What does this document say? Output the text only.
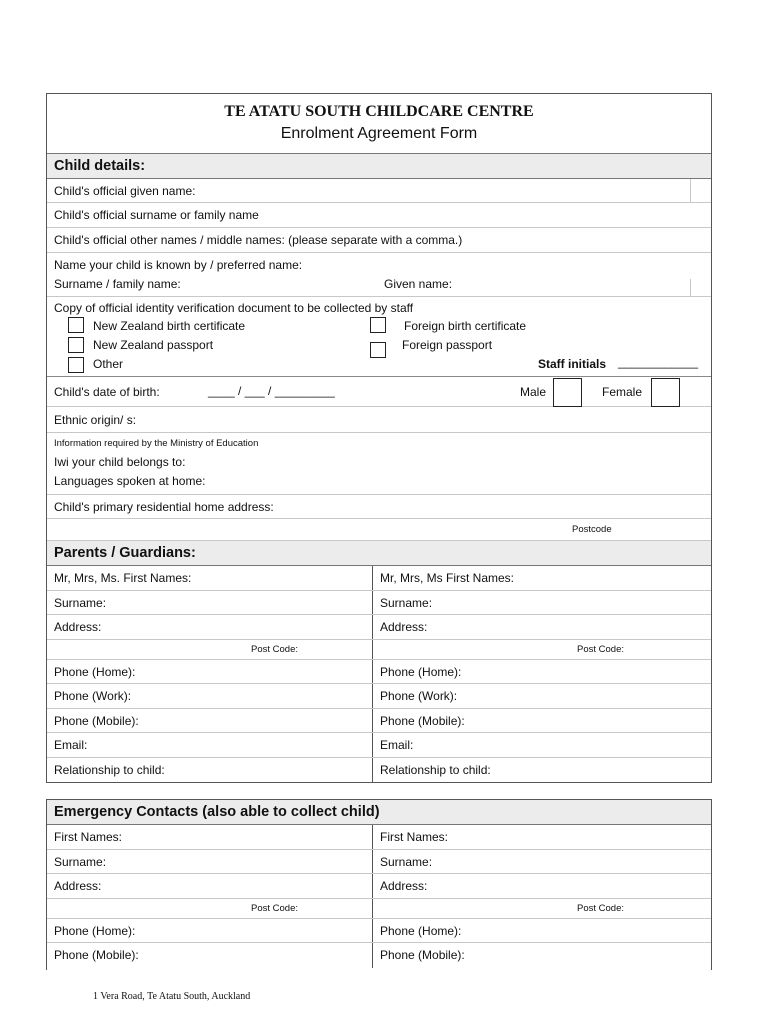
TE ATATU SOUTH CHILDCARE CENTRE
Enrolment Agreement Form
Child details:
Child's official given name:
Child's official surname or family name
Child's official other names / middle names: (please separate with a comma.)
Name your child is known by / preferred name:
Surname / family name:	Given name:
Copy of official identity verification document to be collected by staff
New Zealand birth certificate	Foreign birth certificate
New Zealand passport	Foreign passport
Other	Staff initials ____________
Child's date of birth:	____ / ___ / _________	Male	Female
Ethnic origin/ s:
Information required by the Ministry of Education
Iwi your child belongs to:
Languages spoken at home:
Child's primary residential home address:
Postcode
Parents / Guardians:
Mr, Mrs, Ms. First Names:	Mr, Mrs, Ms First Names:
Surname:	Surname:
Address:	Address:
Post Code:	Post Code:
Phone (Home):	Phone (Home):
Phone (Work):	Phone (Work):
Phone (Mobile):	Phone (Mobile):
Email:	Email:
Relationship to child:	Relationship to child:
Emergency Contacts (also able to collect child)
First Names:	First Names:
Surname:	Surname:
Address:	Address:
Post Code:	Post Code:
Phone (Home):	Phone (Home):
Phone (Mobile):	Phone (Mobile):
1 Vera Road, Te Atatu South, Auckland
